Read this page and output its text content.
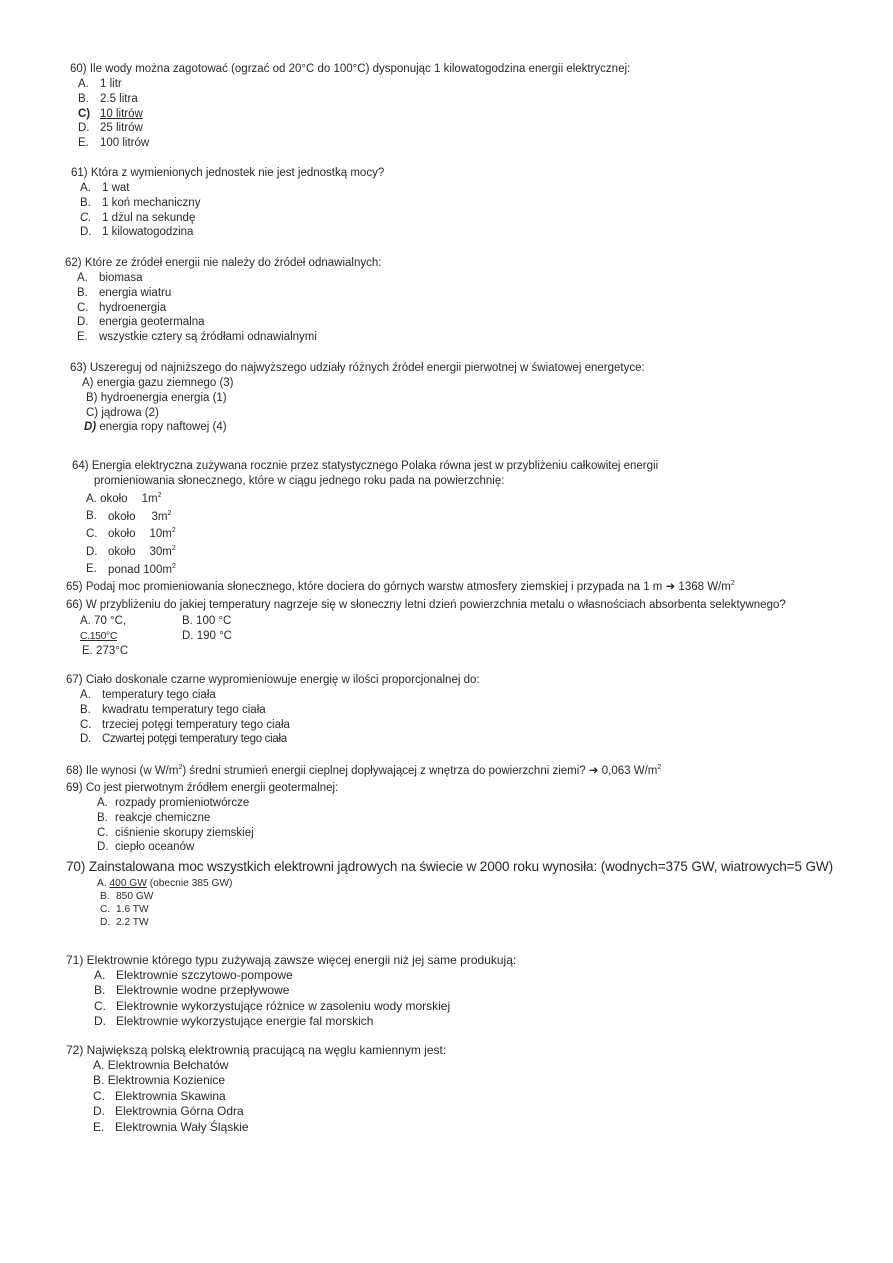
60) Ile wody można zagotować (ogrzać od 20°C do 100°C) dysponując 1 kilowatogodzina energii elektrycznej:
A. 1 litr
B. 2.5 litra
C) 10 litrów
D. 25 litrów
E. 100 litrów
61) Która z wymienionych jednostek nie jest jednostką mocy?
A. 1 wat
B. 1 koń mechaniczny
C. 1 dżul na sekundę
D. 1 kilowatogodzina
62) Które ze źródeł energii nie należy do źródeł odnawialnych:
A. biomasa
B. energia wiatru
C. hydroenergia
D. energia geotermalna
E. wszystkie cztery są źródłami odnawialnymi
63) Uszereguj od najniższego do najwyższego udziały różnych źródeł energii pierwotnej w światowej energetyce:
A) energia gazu ziemnego (3)
B) hydroenergia energia (1)
C) jądrowa (2)
D) energia ropy naftowej (4)
64) Energia elektryczna zużywana rocznie przez statystycznego Polaka równa jest w przybliżeniu całkowitej energii
promieniowania słonecznego, które w ciągu jednego roku pada na powierzchnię:
A. około $1m^2$
B. około $3m^2$
C. około $10m^2$
D. około $30m^2$
E. ponad $100m^2$
65) Podaj moc promieniowania słonecznego, które dociera do górnych warstw atmosfery ziemskiej i przypada na 1 m ➜ 1368 $W/m^2$
66) W przybliżeniu do jakiej temperatury nagrzeje się w słoneczny letni dzień powierzchnia metalu o własnościach absorbenta selektywnego?
A. 70 °C,	B. 100 °C
C.150°C	D. 190 °C
E. 273°C
67) Ciało doskonale czarne wypromieniowuje energię w ilości proporcjonalnej do:
A. temperatury tego ciała
B. kwadratu temperatury tego ciała
C. trzeciej potęgi temperatury tego ciała
D. Czwartej potęgi temperatury tego ciała
68) Ile wynosi (w $W/m^2$) średni strumień energii cieplnej dopływającej z wnętrza do powierzchni ziemi? ➜ 0,063 $W/m^2$
69) Co jest pierwotnym źródłem energii geotermalnej:
A. rozpady promieniotwórcze
B. reakcje chemiczne
C. ciśnienie skorupy ziemskiej
D. ciepło oceanów
70) Zainstalowana moc wszystkich elektrowni jądrowych na świecie w 2000 roku wynosiła: (wodnych=375 GW, wiatrowych=5 GW)
A. 400 GW (obecnie 385 GW)
B. 850 GW
C. 1.6 TW
D. 2.2 TW
71) Elektrownie którego typu zużywają zawsze więcej energii niż jej same produkują:
A. Elektrownie szczytowo-pompowe
B. Elektrownie wodne przepływowe
C. Elektrownie wykorzystujące różnice w zasoleniu wody morskiej
D. Elektrownie wykorzystujące energie fal morskich
72) Największą polską elektrownią pracującą na węglu kamiennym jest:
A. Elektrownia Bełchatów
B. Elektrownia Kozienice
C. Elektrownia Skawina
D. Elektrownia Górna Odra
E. Elektrownia Wały Śląskie
